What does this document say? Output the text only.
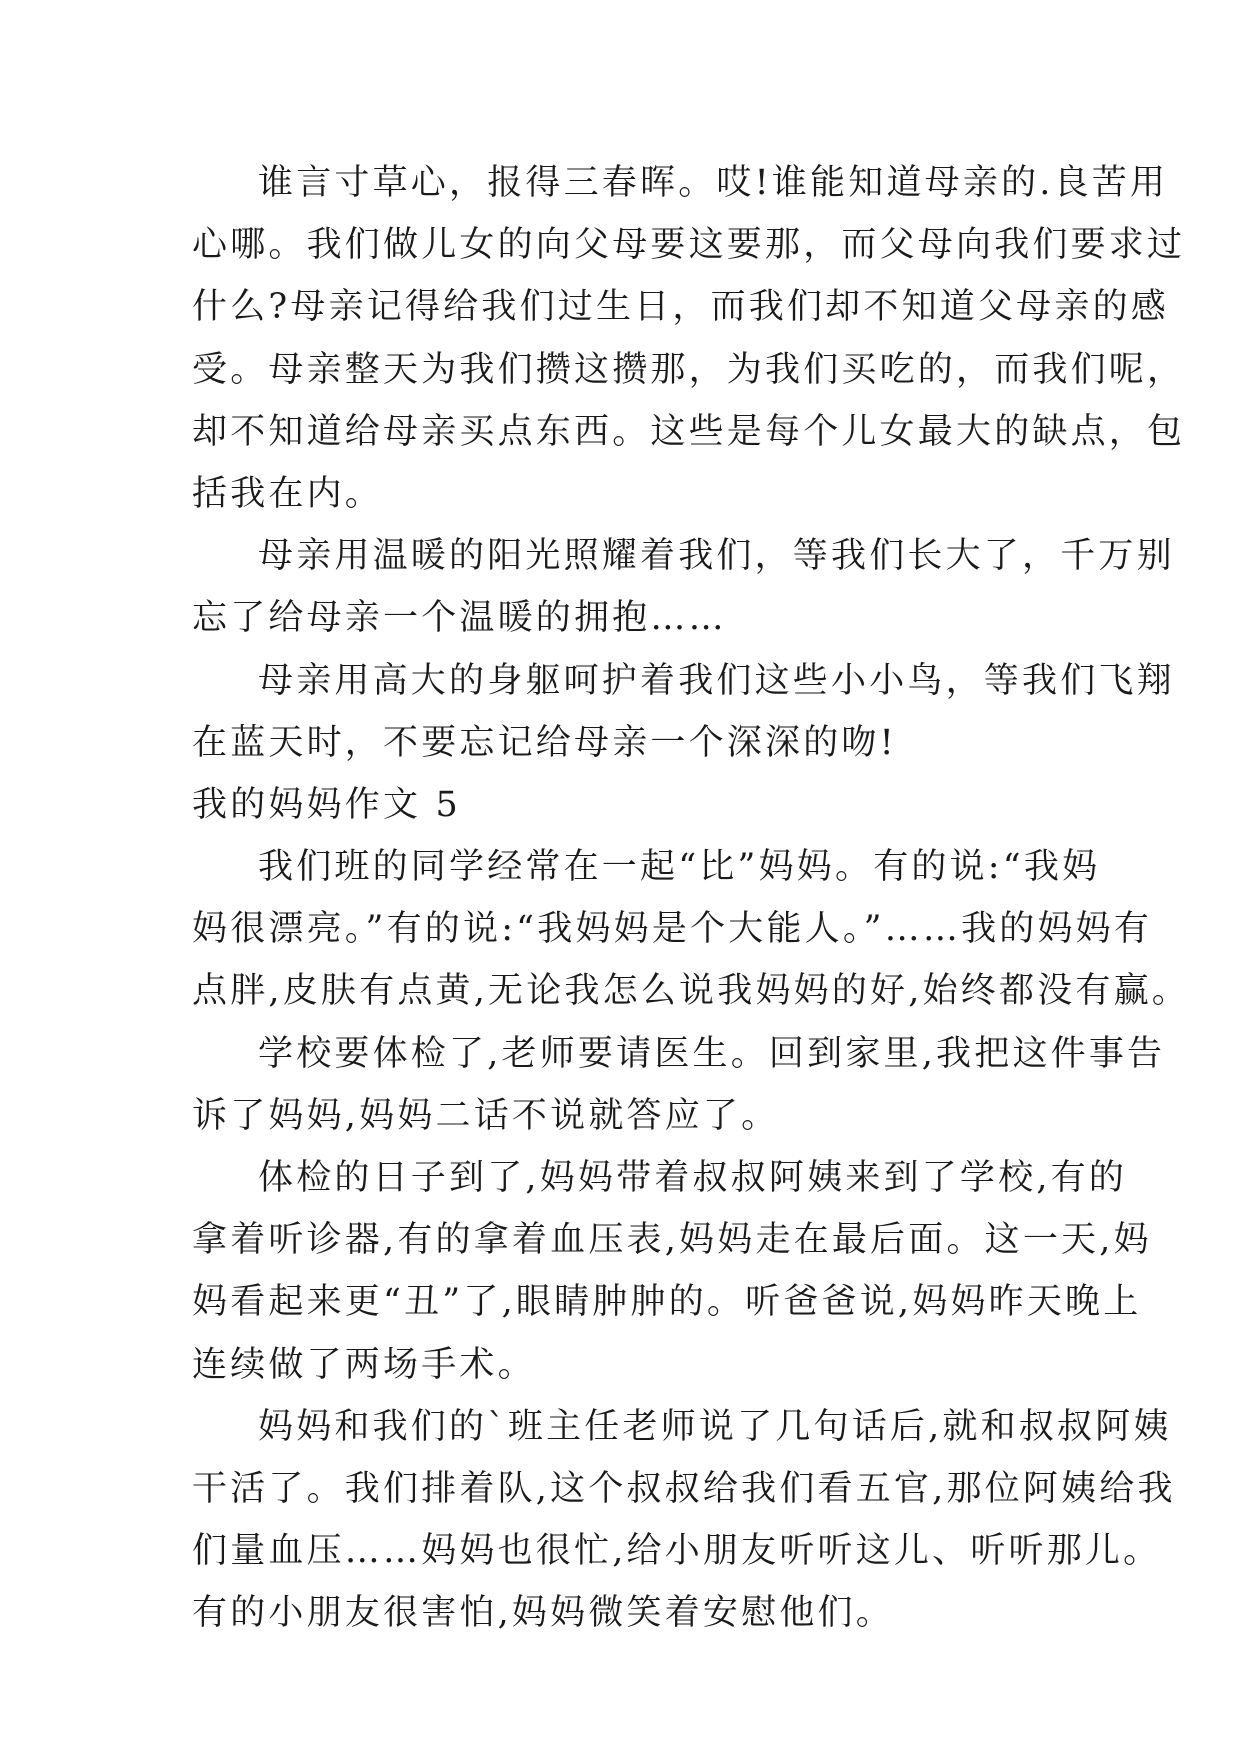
谁言寸草心，报得三春晖。哎!谁能知道母亲的.良苦用
心哪。我们做儿女的向父母要这要那，而父母向我们要求过
什么?母亲记得给我们过生日，而我们却不知道父母亲的感
受。母亲整天为我们攒这攒那，为我们买吃的，而我们呢，
却不知道给母亲买点东西。这些是每个儿女最大的缺点，包
括我在内。
母亲用温暖的阳光照耀着我们，等我们长大了，千万别
忘了给母亲一个温暖的拥抱……
母亲用高大的身躯呵护着我们这些小小鸟，等我们飞翔
在蓝天时，不要忘记给母亲一个深深的吻!
我的妈妈作文 5
我们班的同学经常在一起“比”妈妈。有的说:“我妈
妈很漂亮。”有的说:“我妈妈是个大能人。”……我的妈妈有
点胖,皮肤有点黄,无论我怎么说我妈妈的好,始终都没有赢。
学校要体检了,老师要请医生。回到家里,我把这件事告
诉了妈妈,妈妈二话不说就答应了。
体检的日子到了,妈妈带着叔叔阿姨来到了学校,有的
拿着听诊器,有的拿着血压表,妈妈走在最后面。这一天,妈
妈看起来更“丑”了,眼睛肿肿的。听爸爸说,妈妈昨天晚上
连续做了两场手术。
妈妈和我们的`班主任老师说了几句话后,就和叔叔阿姨
干活了。我们排着队,这个叔叔给我们看五官,那位阿姨给我
们量血压……妈妈也很忙,给小朋友听听这儿、听听那儿。
有的小朋友很害怕,妈妈微笑着安慰他们。
